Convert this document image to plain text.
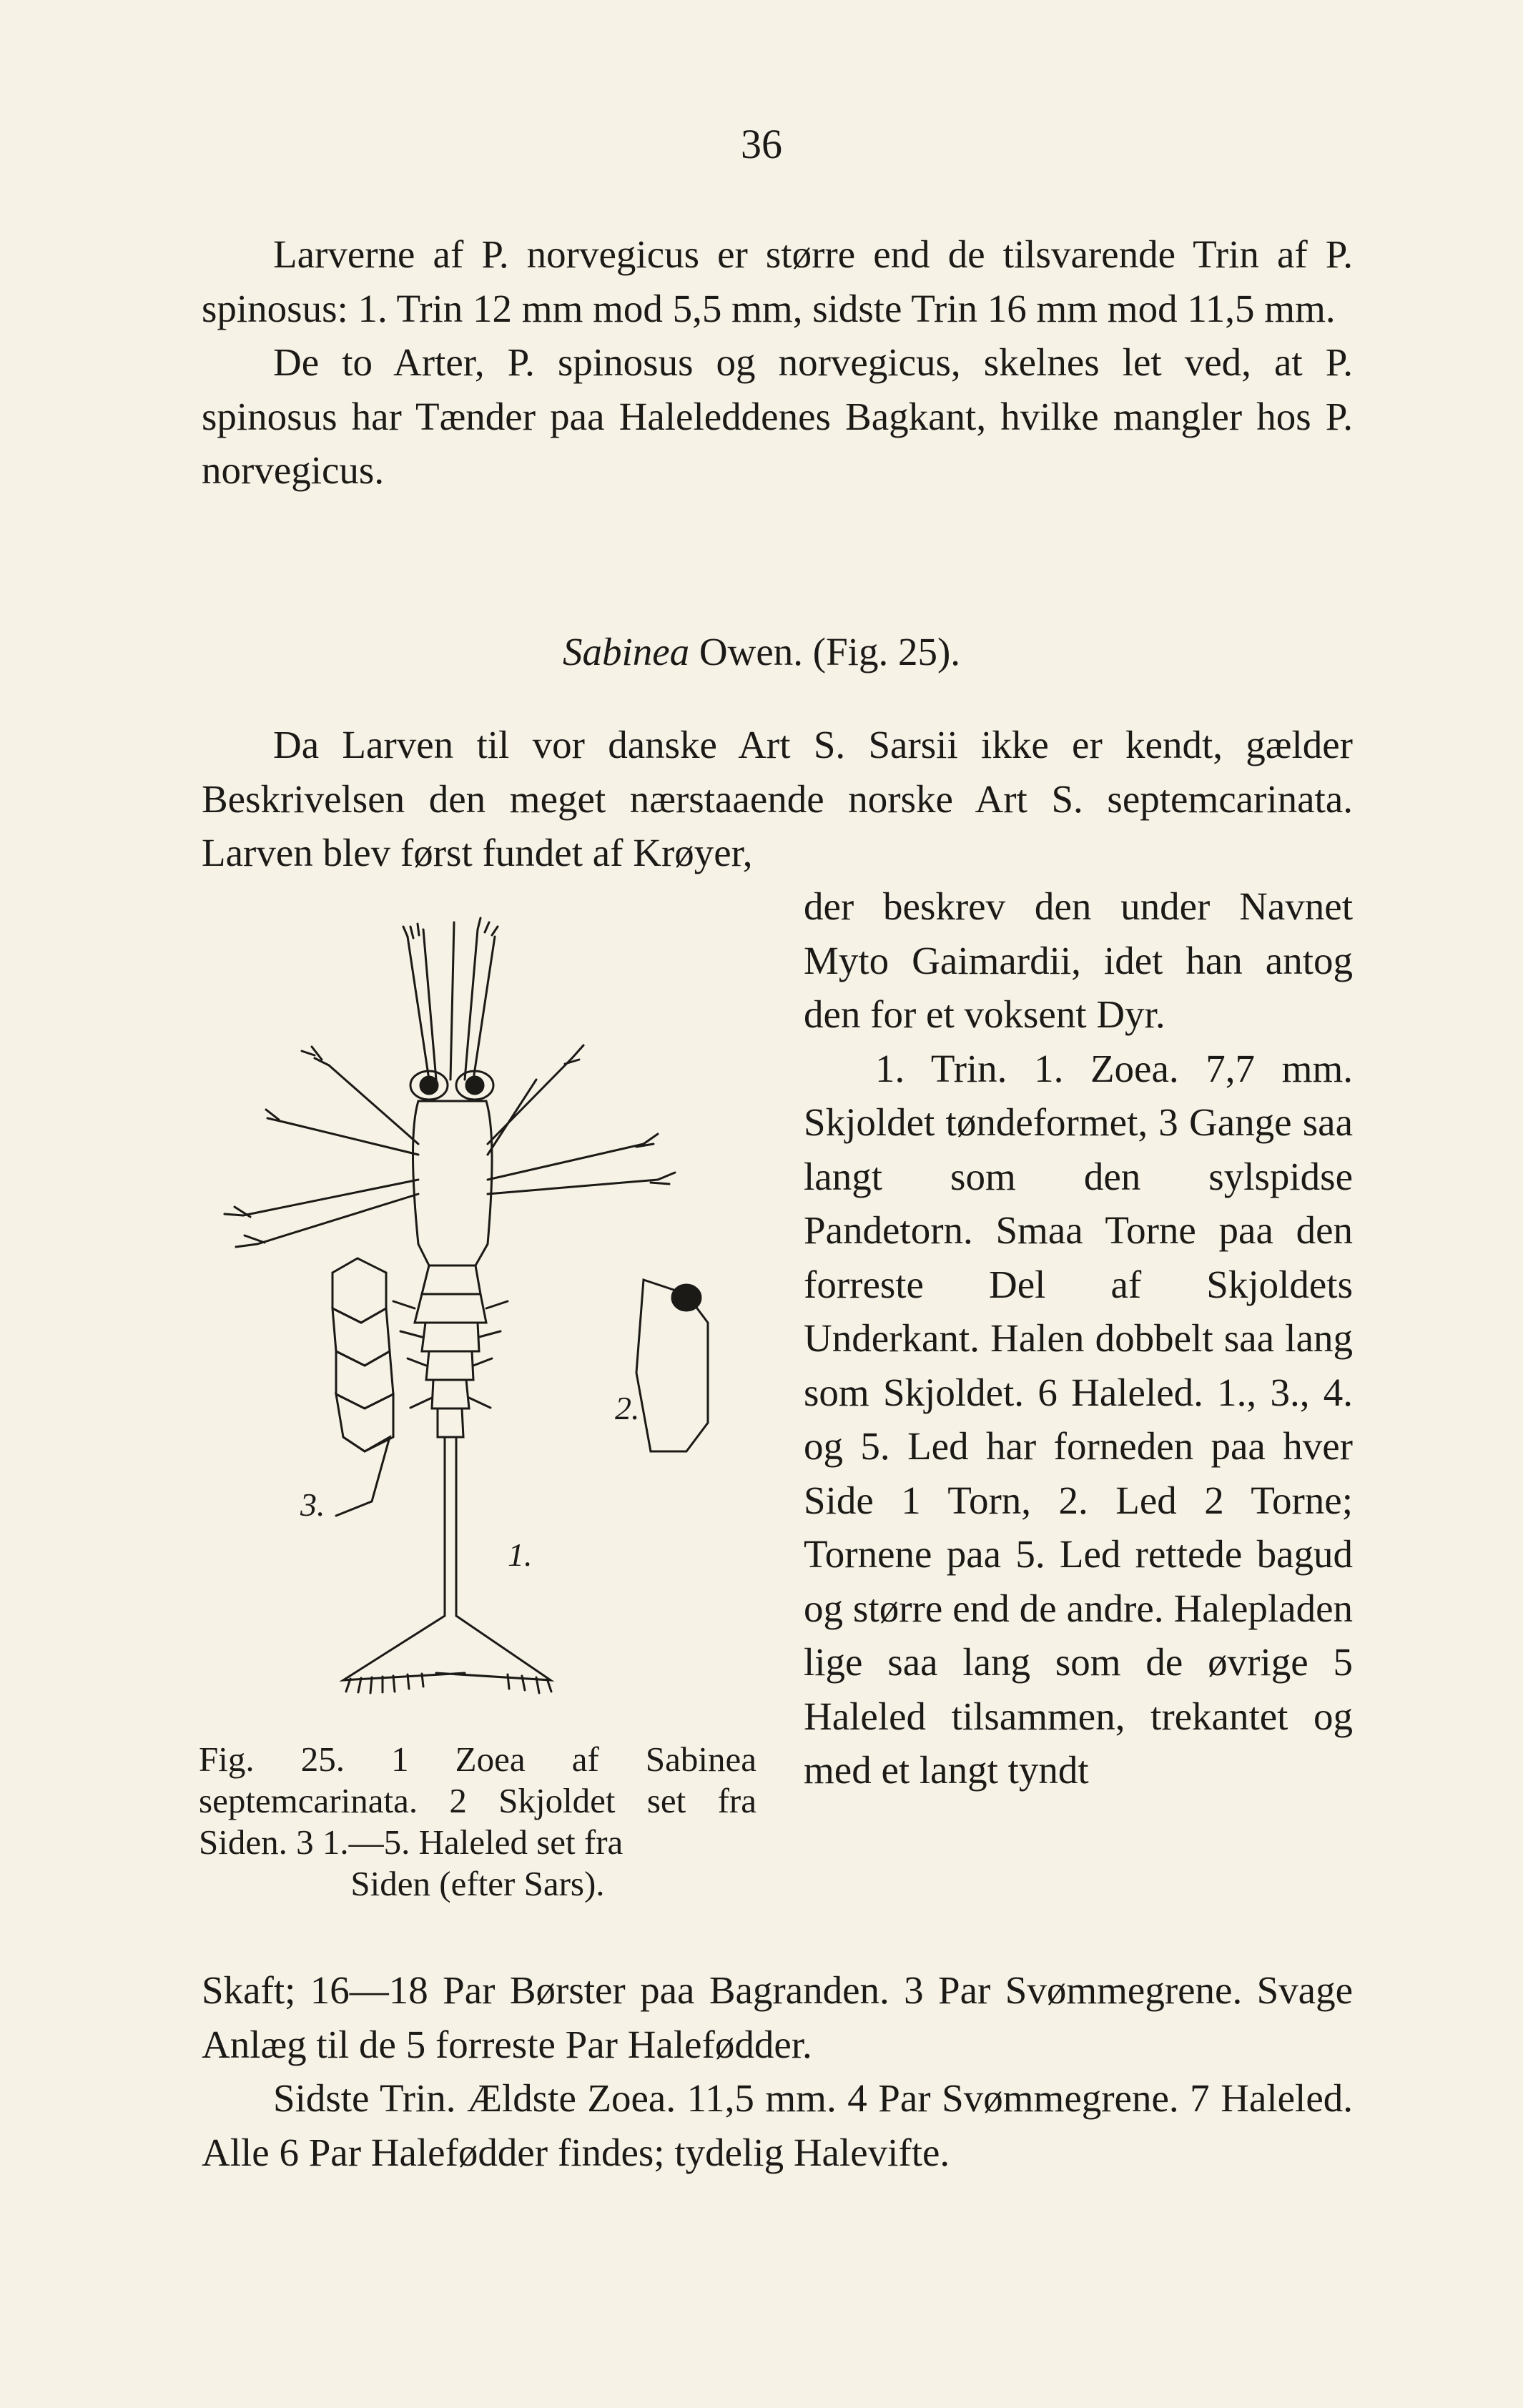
36

Larverne af P. norvegicus er større end de tilsvarende Trin af P. spinosus: 1. Trin 12 mm mod 5,5 mm, sidste Trin 16 mm mod 11,5 mm.

De to Arter, P. spinosus og norvegicus, skelnes let ved, at P. spinosus har Tænder paa Haleleddenes Bagkant, hvilke mangler hos P. norvegicus.

Sabinea Owen. (Fig. 25).

Da Larven til vor danske Art S. Sarsii ikke er kendt, gælder Beskrivelsen den meget nærstaaende norske Art S. septemcarinata. Larven blev først fundet af Krøyer,

der beskrev den under Navnet Myto Gaimardii, idet han antog den for et voksent Dyr.

1. Trin. 1. Zoea. 7,7 mm. Skjoldet tøndeformet, 3 Gange saa langt som den sylspidse Pandetorn. Smaa Torne paa den forreste Del af Skjoldets Underkant. Halen dobbelt saa lang som Skjoldet. 6 Haleled. 1., 3., 4. og 5. Led har forneden paa hver Side 1 Torn, 2. Led 2 Torne; Tornene paa 5. Led rettede bagud og større end de andre. Halepladen lige saa lang som de øvrige 5 Haleled tilsammen, trekantet og med et langt tyndt

3.
2.
1.

Fig. 25. 1 Zoea af Sabinea septemcarinata. 2 Skjoldet set fra Siden. 3 1.—5. Haleled set fra

Siden (efter Sars).

Skaft; 16—18 Par Børster paa Bagranden. 3 Par Svømmegrene. Svage Anlæg til de 5 forreste Par Halefødder.

Sidste Trin. Ældste Zoea. 11,5 mm. 4 Par Svømmegrene. 7 Haleled. Alle 6 Par Halefødder findes; tydelig Halevifte.
